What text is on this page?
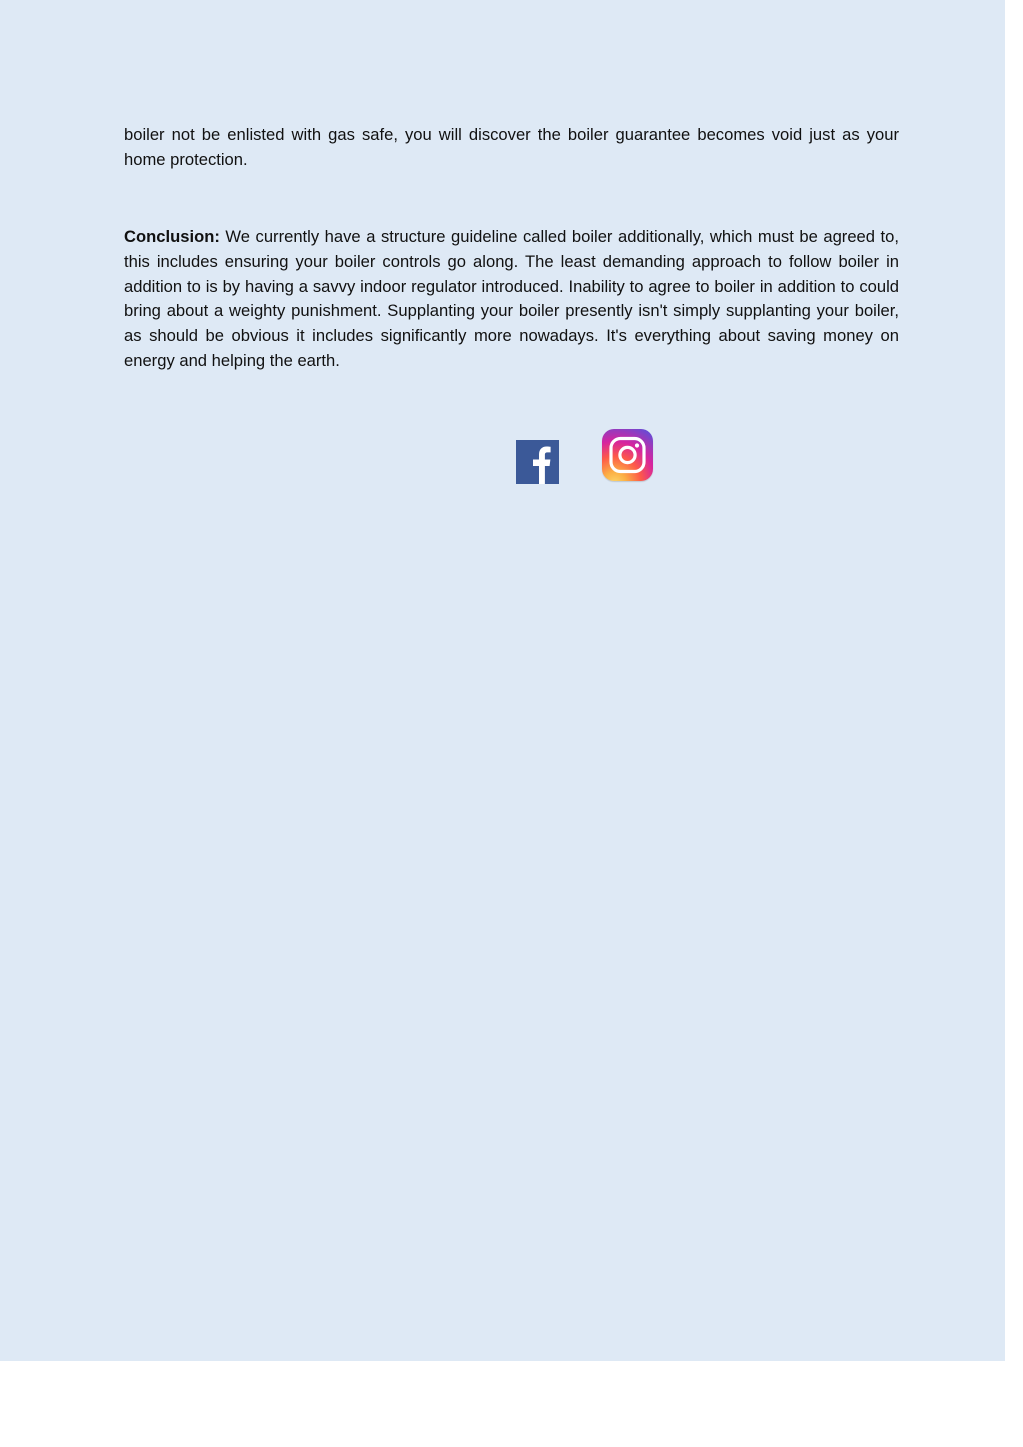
boiler not be enlisted with gas safe, you will discover the boiler guarantee becomes void just as your home protection.

Conclusion: We currently have a structure guideline called boiler additionally, which must be agreed to, this includes ensuring your boiler controls go along. The least demanding approach to follow boiler in addition to is by having a savvy indoor regulator introduced. Inability to agree to boiler in addition to could bring about a weighty punishment. Supplanting your boiler presently isn't simply supplanting your boiler, as should be obvious it includes significantly more nowadays. It's everything about saving money on energy and helping the earth.
